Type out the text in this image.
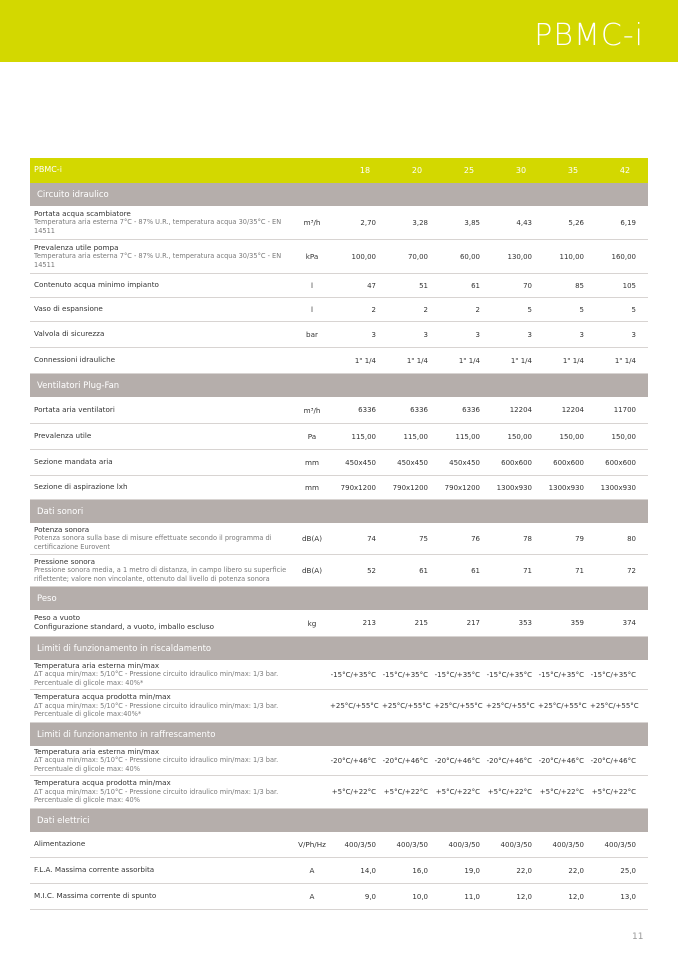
PBMC-i
PBMC-i	18	20	25	30	35	42
Circuito idraulico
Portata acqua scambiatore
Temperatura aria esterna 7°C - 87% U.R., temperatura acqua 30/35°C - EN 14511
m³/h	2,70	3,28	3,85	4,43	5,26	6,19
Prevalenza utile pompa
Temperatura aria esterna 7°C - 87% U.R., temperatura acqua 30/35°C - EN 14511
kPa	100,00	70,00	60,00	130,00	110,00	160,00
Contenuto acqua minimo impianto	l	47	51	61	70	85	105
Vaso di espansione	l	2	2	2	5	5	5
Valvola di sicurezza	bar	3	3	3	3	3	3
Connessioni idrauliche	1" 1/4	1" 1/4	1" 1/4	1" 1/4	1" 1/4	1" 1/4
Ventilatori Plug-Fan
Portata aria ventilatori	m³/h	6336	6336	6336	12204	12204	11700
Prevalenza utile	Pa	115,00	115,00	115,00	150,00	150,00	150,00
Sezione mandata aria	mm	450x450	450x450	450x450	600x600	600x600	600x600
Sezione di aspirazione lxh	mm	790x1200	790x1200	790x1200	1300x930	1300x930	1300x930
Dati sonori
Potenza sonora
Potenza sonora sulla base di misure effettuate secondo il programma di certificazione Eurovent
dB(A)	74	75	76	78	79	80
Pressione sonora
Pressione sonora media, a 1 metro di distanza, in campo libero su superficie riflettente; valore non vincolante, ottenuto dal livello di potenza sonora
dB(A)	52	61	61	71	71	72
Peso
Peso a vuoto
Configurazione standard, a vuoto, imballo escluso	kg	213	215	217	353	359	374
Limiti di funzionamento in riscaldamento
Temperatura aria esterna min/max
ΔT acqua min/max: 5/10°C - Pressione circuito idraulico min/max: 1/3 bar. Percentuale di glicole max: 40%*
-15°C/+35°C -15°C/+35°C -15°C/+35°C -15°C/+35°C -15°C/+35°C -15°C/+35°C
Temperatura acqua prodotta min/max
ΔT acqua min/max: 5/10°C - Pressione circuito idraulico min/max: 1/3 bar. Percentuale di glicole max:40%*
+25°C/+55°C +25°C/+55°C +25°C/+55°C +25°C/+55°C +25°C/+55°C +25°C/+55°C
Limiti di funzionamento in raffrescamento
Temperatura aria esterna min/max
ΔT acqua min/max: 5/10°C - Pressione circuito idraulico min/max: 1/3 bar. Percentuale di glicole max: 40%
-20°C/+46°C -20°C/+46°C -20°C/+46°C -20°C/+46°C -20°C/+46°C -20°C/+46°C
Temperatura acqua prodotta min/max
ΔT acqua min/max: 5/10°C - Pressione circuito idraulico min/max: 1/3 bar. Percentuale di glicole max: 40%
+5°C/+22°C	+5°C/+22°C	+5°C/+22°C	+5°C/+22°C	+5°C/+22°C	+5°C/+22°C
Dati elettrici
Alimentazione	V/Ph/Hz	400/3/50	400/3/50	400/3/50	400/3/50	400/3/50	400/3/50
F.L.A. Massima corrente assorbita	A	14,0	16,0	19,0	22,0	22,0	25,0
M.I.C. Massima corrente di spunto	A	9,0	10,0	11,0	12,0	12,0	13,0
11
